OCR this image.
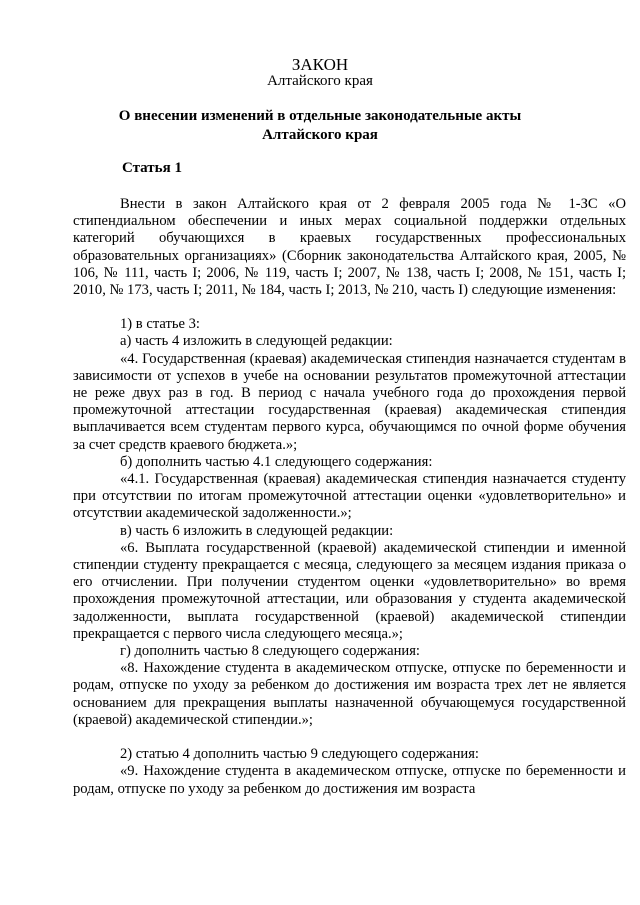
ЗАКОН
Алтайского края
О внесении изменений в отдельные законодательные акты
Алтайского края
Статья 1

Внести в закон Алтайского края от 2 февраля 2005 года № 1-ЗС «О стипендиальном обеспечении и иных мерах социальной поддержки отдельных категорий обучающихся в краевых государственных профессиональных образовательных организациях» (Сборник законодательства Алтайского края, 2005, № 106, № 111, часть I; 2006, № 119, часть I; 2007, № 138, часть I; 2008, № 151, часть I; 2010, № 173, часть I; 2011, № 184, часть I; 2013, № 210, часть I) следующие изменения:

1) в статье 3:

а) часть 4 изложить в следующей редакции:

«4. Государственная (краевая) академическая стипендия назначается студентам в зависимости от успехов в учебе на основании результатов промежуточной аттестации не реже двух раз в год. В период с начала учебного года до прохождения первой промежуточной аттестации государственная (краевая) академическая стипендия выплачивается всем студентам первого курса, обучающимся по очной форме обучения за счет средств краевого бюджета.»;

б) дополнить частью 4.1 следующего содержания:

«4.1. Государственная (краевая) академическая стипендия назначается студенту при отсутствии по итогам промежуточной аттестации оценки «удовлетворительно» и отсутствии академической задолженности.»;

в) часть 6 изложить в следующей редакции:

«6. Выплата государственной (краевой) академической стипендии и именной стипендии студенту прекращается с месяца, следующего за месяцем издания приказа о его отчислении. При получении студентом оценки «удовлетворительно» во время прохождения промежуточной аттестации, или образования у студента академической задолженности, выплата государственной (краевой) академической стипендии прекращается с первого числа следующего месяца.»;

г) дополнить частью 8 следующего содержания:

«8. Нахождение студента в академическом отпуске, отпуске по беременности и родам, отпуске по уходу за ребенком до достижения им возраста трех лет не является основанием для прекращения выплаты назначенной обучающемуся государственной (краевой) академической стипендии.»;

2) статью 4 дополнить частью 9 следующего содержания:

«9. Нахождение студента в академическом отпуске, отпуске по беременности и родам, отпуске по уходу за ребенком до достижения им возраста
